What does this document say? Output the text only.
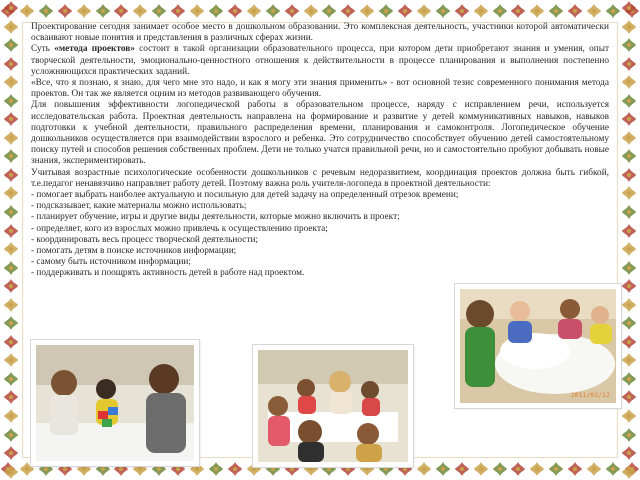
Проектирование сегодня занимает особое место в дошкольном образовании. Это комплексная деятельность, участники которой автоматически осваивают новые понятия и представления в различных сферах жизни.

Суть «метода проектов» состоит в такой организации образовательного процесса, при котором дети приобретают знания и умения, опыт творческой деятельности, эмоционально-ценностного отношения к действительности в процессе планирования и выполнения постепенно усложняющихся практических заданий.

«Все, что я познаю, я знаю, для чего мне это надо, и как я могу эти знания применить» - вот основной тезис современного понимания метода проектов. Он так же является оцним из методов развивающего обучения.

Для повышения эффективности логопедической работы в образовательном процессе, наряду с исправлением речи, используется исследовательская работа. Проектная деятельность направлена на формирование и развитие у детей коммуникативных навыков, навыков подготовки к учебной деятельности, правильного распределения времени, планирования и самоконтроля. Логопедическое обучение дошкольников осуществляется при взаимодействии взрослого и ребенка. Это сотрудничество способствует обучению детей самостоятельному поиску путей и способов решения собственных проблем. Дети не только учатся правильной речи, но и самостоятельно пробуют добывать новые знания, экспериментировать.

Учитывая возрастные психологические особенности дошкольников с речевым недоразвитием, координация проектов должна быть гибкой, т.е.педагог ненавязчиво направляет работу детей. Поэтому важна роль учителя-логопеда в проектной деятельности:

- помогает выбрать наиболее актуальную и посильную для детей задачу на определенный отрезок времени;
- подсказывает, какие материалы можно использовать;
- планирует обучение, игры и другие виды деятельности, которые можно включить в проект;
- определяет, кого из взрослых можно привлечь к осуществлению проекта;
- координировать весь процесс творческой деятельности;
- помогать детям в поиске источников информации;
- самому быть источником информации;
- поддерживать и поощрять активность детей в работе над проектом.
2011/02/12
